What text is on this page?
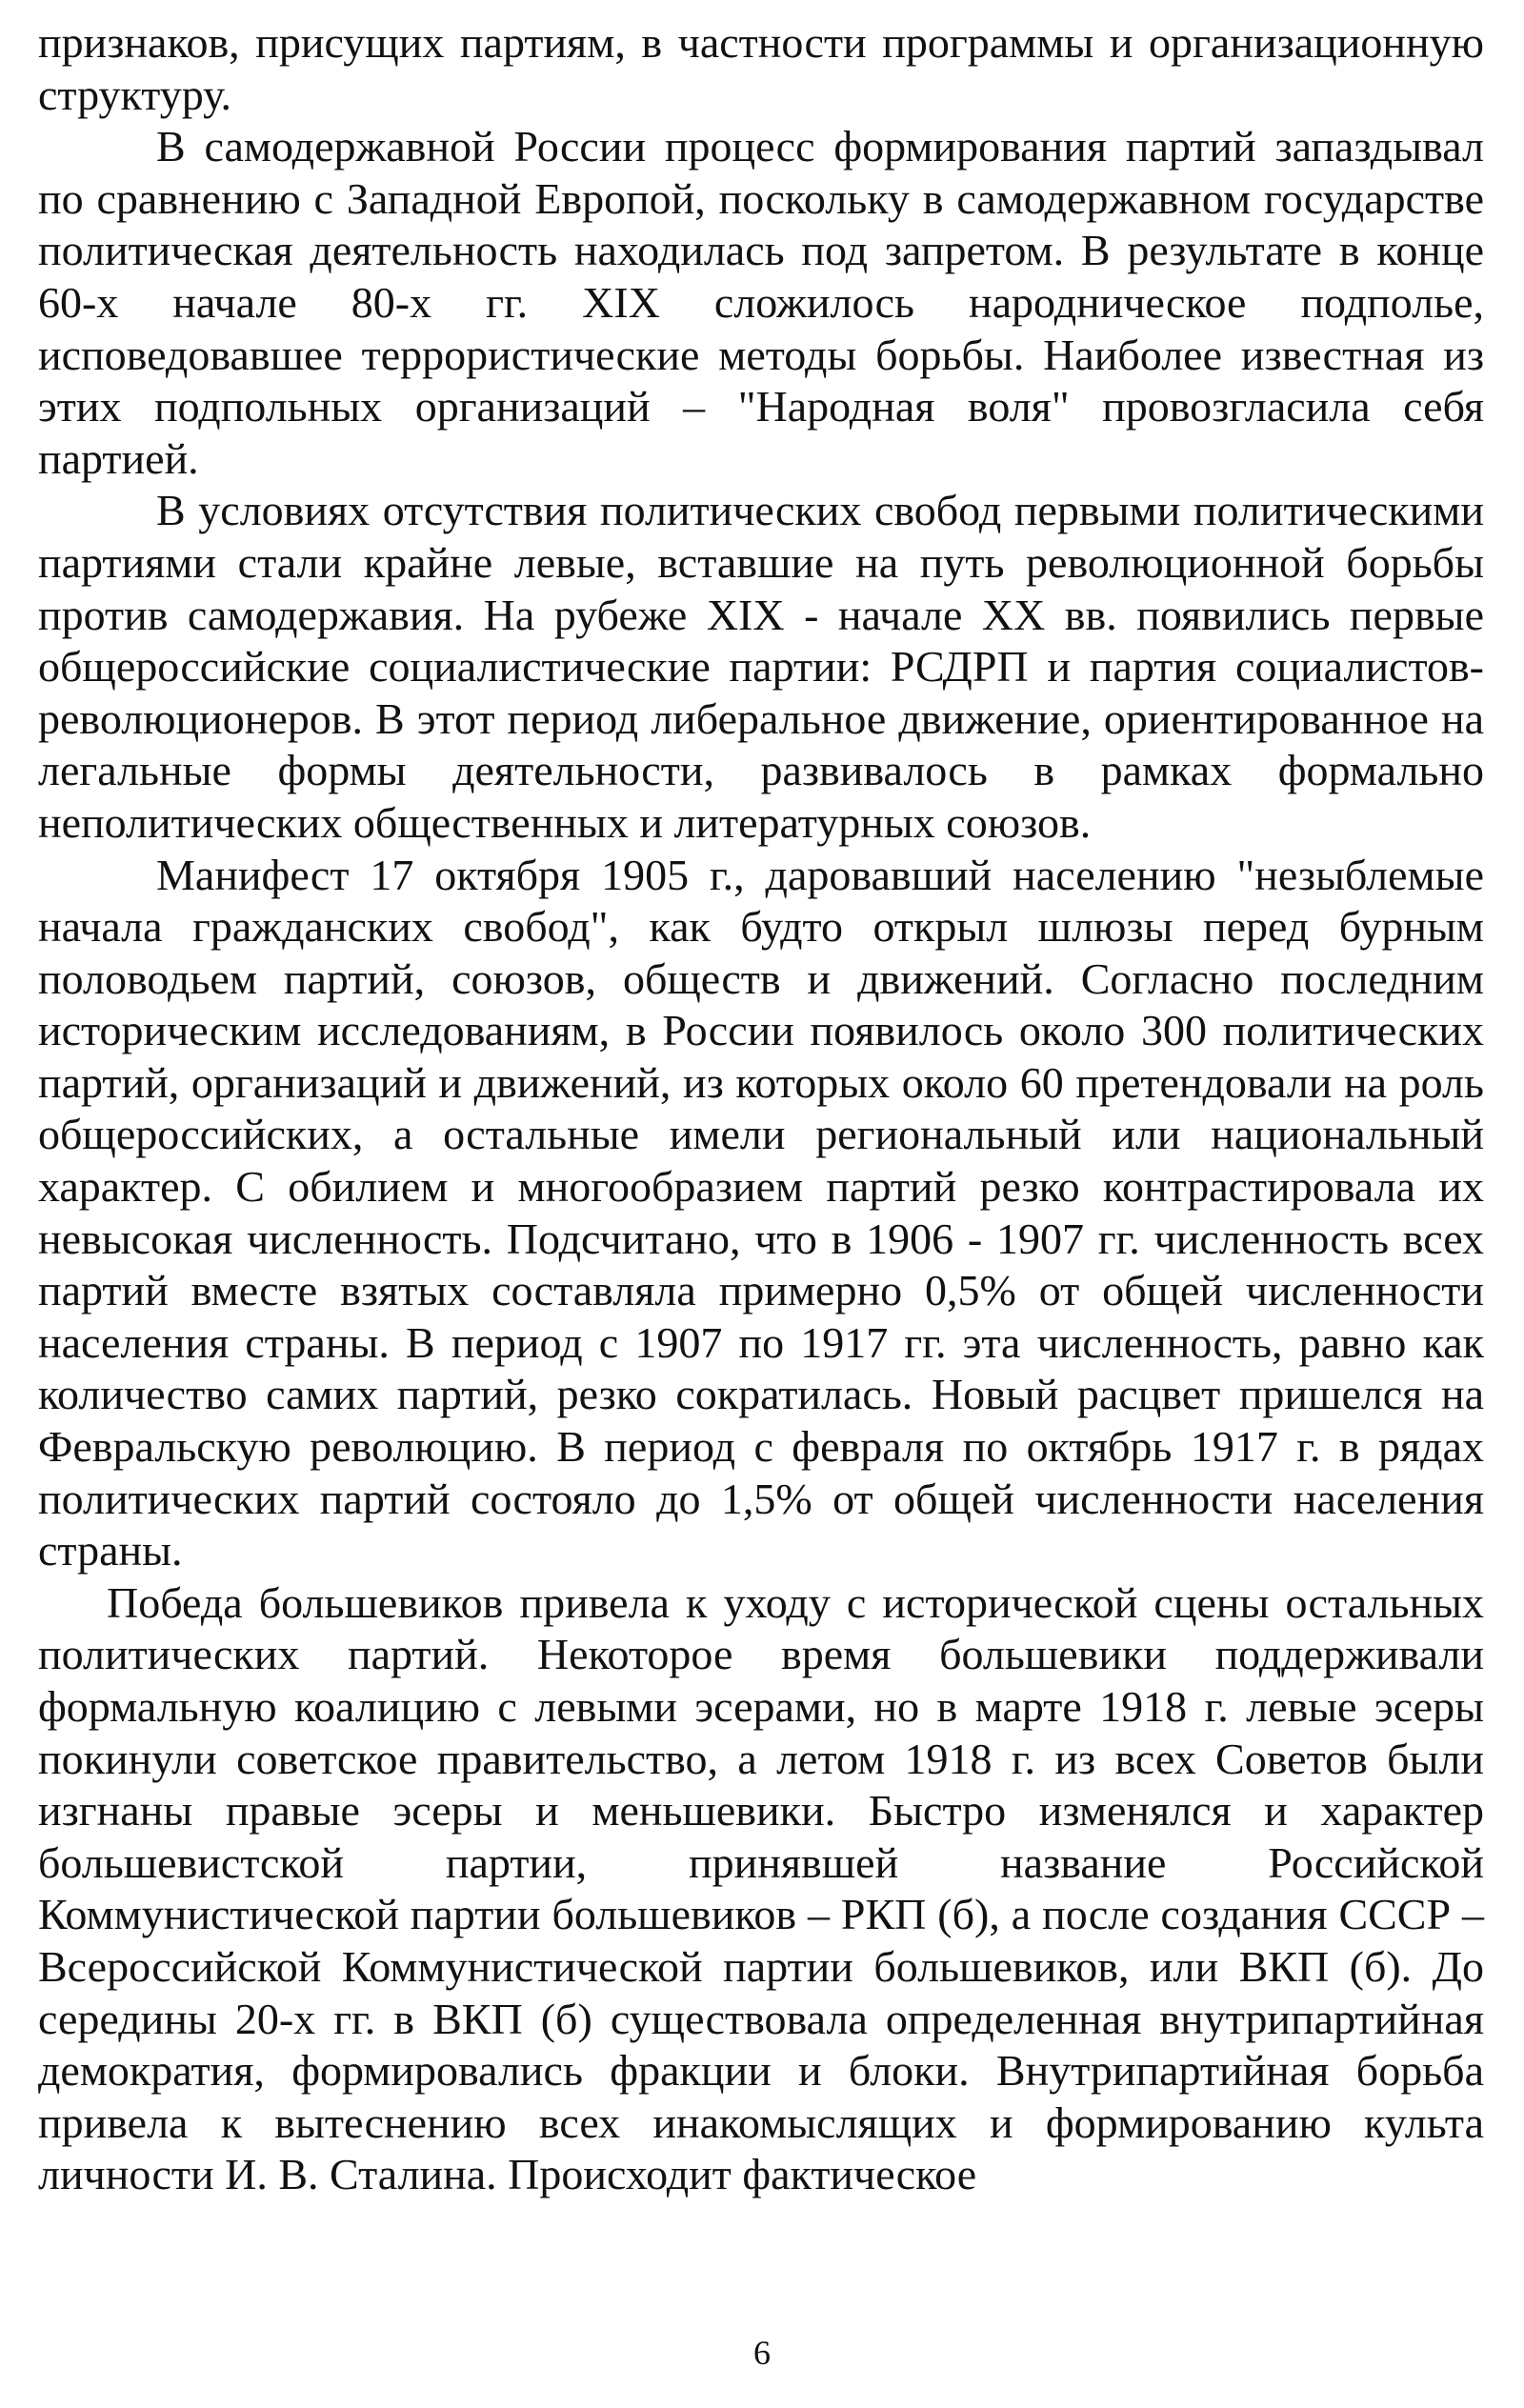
признаков, присущих партиям, в частности программы и организационную структуру.

В самодержавной России процесс формирования партий запаздывал по сравнению с Западной Европой, поскольку в самодержавном государстве политическая деятельность находилась под запретом. В результате в конце 60-х начале 80-х гг. XIX сложилось народническое подполье, исповедовавшее террористические методы борьбы. Наиболее известная из этих подпольных организаций – "Народная воля" провозгласила себя партией.

В условиях отсутствия политических свобод первыми политическими партиями стали крайне левые, вставшие на путь революционной борьбы против самодержавия. На рубеже XIX - начале XX вв. появились первые общероссийские социалистические партии: РСДРП и партия социалистов-революционеров. В этот период либеральное движение, ориентированное на легальные формы деятельности, развивалось в рамках формально неполитических общественных и литературных союзов.

Манифест 17 октября 1905 г., даровавший населению "незыблемые начала гражданских свобод", как будто открыл шлюзы перед бурным половодьем партий, союзов, обществ и движений. Согласно последним историческим исследованиям, в России появилось около 300 политических партий, организаций и движений, из которых около 60 претендовали на роль общероссийских, а остальные имели региональный или национальный характер. С обилием и многообразием партий резко контрастировала их невысокая численность. Подсчитано, что в 1906 - 1907 гг. численность всех партий вместе взятых составляла примерно 0,5% от общей численности населения страны. В период с 1907 по 1917 гг. эта численность, равно как количество самих партий, резко сократилась. Новый расцвет пришелся на Февральскую революцию. В период с февраля по октябрь 1917 г. в рядах политических партий состояло до 1,5% от общей численности населения страны.

Победа большевиков привела к уходу с исторической сцены остальных политических партий. Некоторое время большевики поддерживали формальную коалицию с левыми эсерами, но в марте 1918 г. левые эсеры покинули советское правительство, а летом 1918 г. из всех Советов были изгнаны правые эсеры и меньшевики. Быстро изменялся и характер большевистской партии, принявшей название Российской Коммунистической партии большевиков – РКП (б), а после создания СССР – Всероссийской Коммунистической партии большевиков, или ВКП (б). До середины 20-х гг. в ВКП (б) существовала определенная внутрипартийная демократия, формировались фракции и блоки. Внутрипартийная борьба привела к вытеснению всех инакомыслящих и формированию культа личности И. В. Сталина. Происходит фактическое

6
